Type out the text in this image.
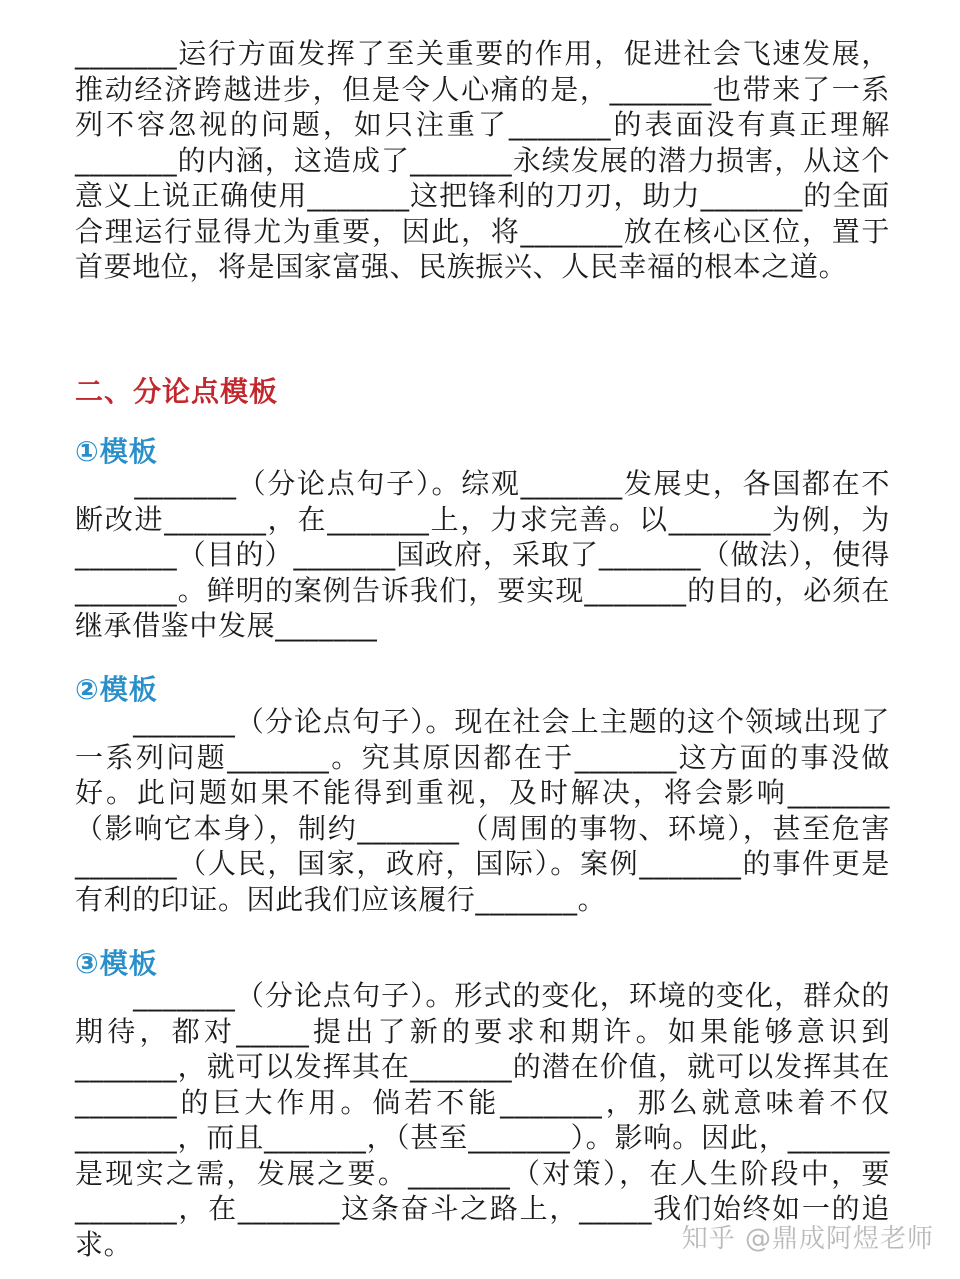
_______运行方面发挥了至关重要的作用，促进社会飞速发展，推动经济跨越进步，但是令人心痛的是，_______也带来了一系列不容忽视的问题，如只注重了_______的表面没有真正理解_______的内涵，这造成了_______永续发展的潜力损害，从这个意义上说正确使用_______这把锋利的刀刃，助力_______的全面合理运行显得尤为重要，因此，将_______放在核心区位，置于首要地位，将是国家富强、民族振兴、人民幸福的根本之道。

二、分论点模板
①模板

　　_______（分论点句子）。综观_______发展史，各国都在不断改进_______，在_______上，力求完善。以_______为例，为_______（目的）_______国政府，采取了_______（做法），使得_______。鲜明的案例告诉我们，要实现_______的目的，必须在继承借鉴中发展_______

②模板

　　_______（分论点句子）。现在社会上主题的这个领域出现了一系列问题_______。究其原因都在于_______这方面的事没做好。此问题如果不能得到重视，及时解决，将会影响_______（影响它本身），制约_______（周围的事物、环境），甚至危害_______（人民，国家，政府，国际）。案例_______的事件更是有利的印证。因此我们应该履行_______。

③模板

　　_______（分论点句子）。形式的变化，环境的变化，群众的期待，都对_____提出了新的要求和期许。如果能够意识到_______，就可以发挥其在_______的潜在价值，就可以发挥其在_______的巨大作用。倘若不能_______，那么就意味着不仅_______，而且_______，（甚至_______）。影响。因此，_______是现实之需，发展之要。_______（对策），在人生阶段中，要_______，在_______这条奋斗之路上，_____我们始终如一的追求。	知乎 @鼎成阿煜老师
